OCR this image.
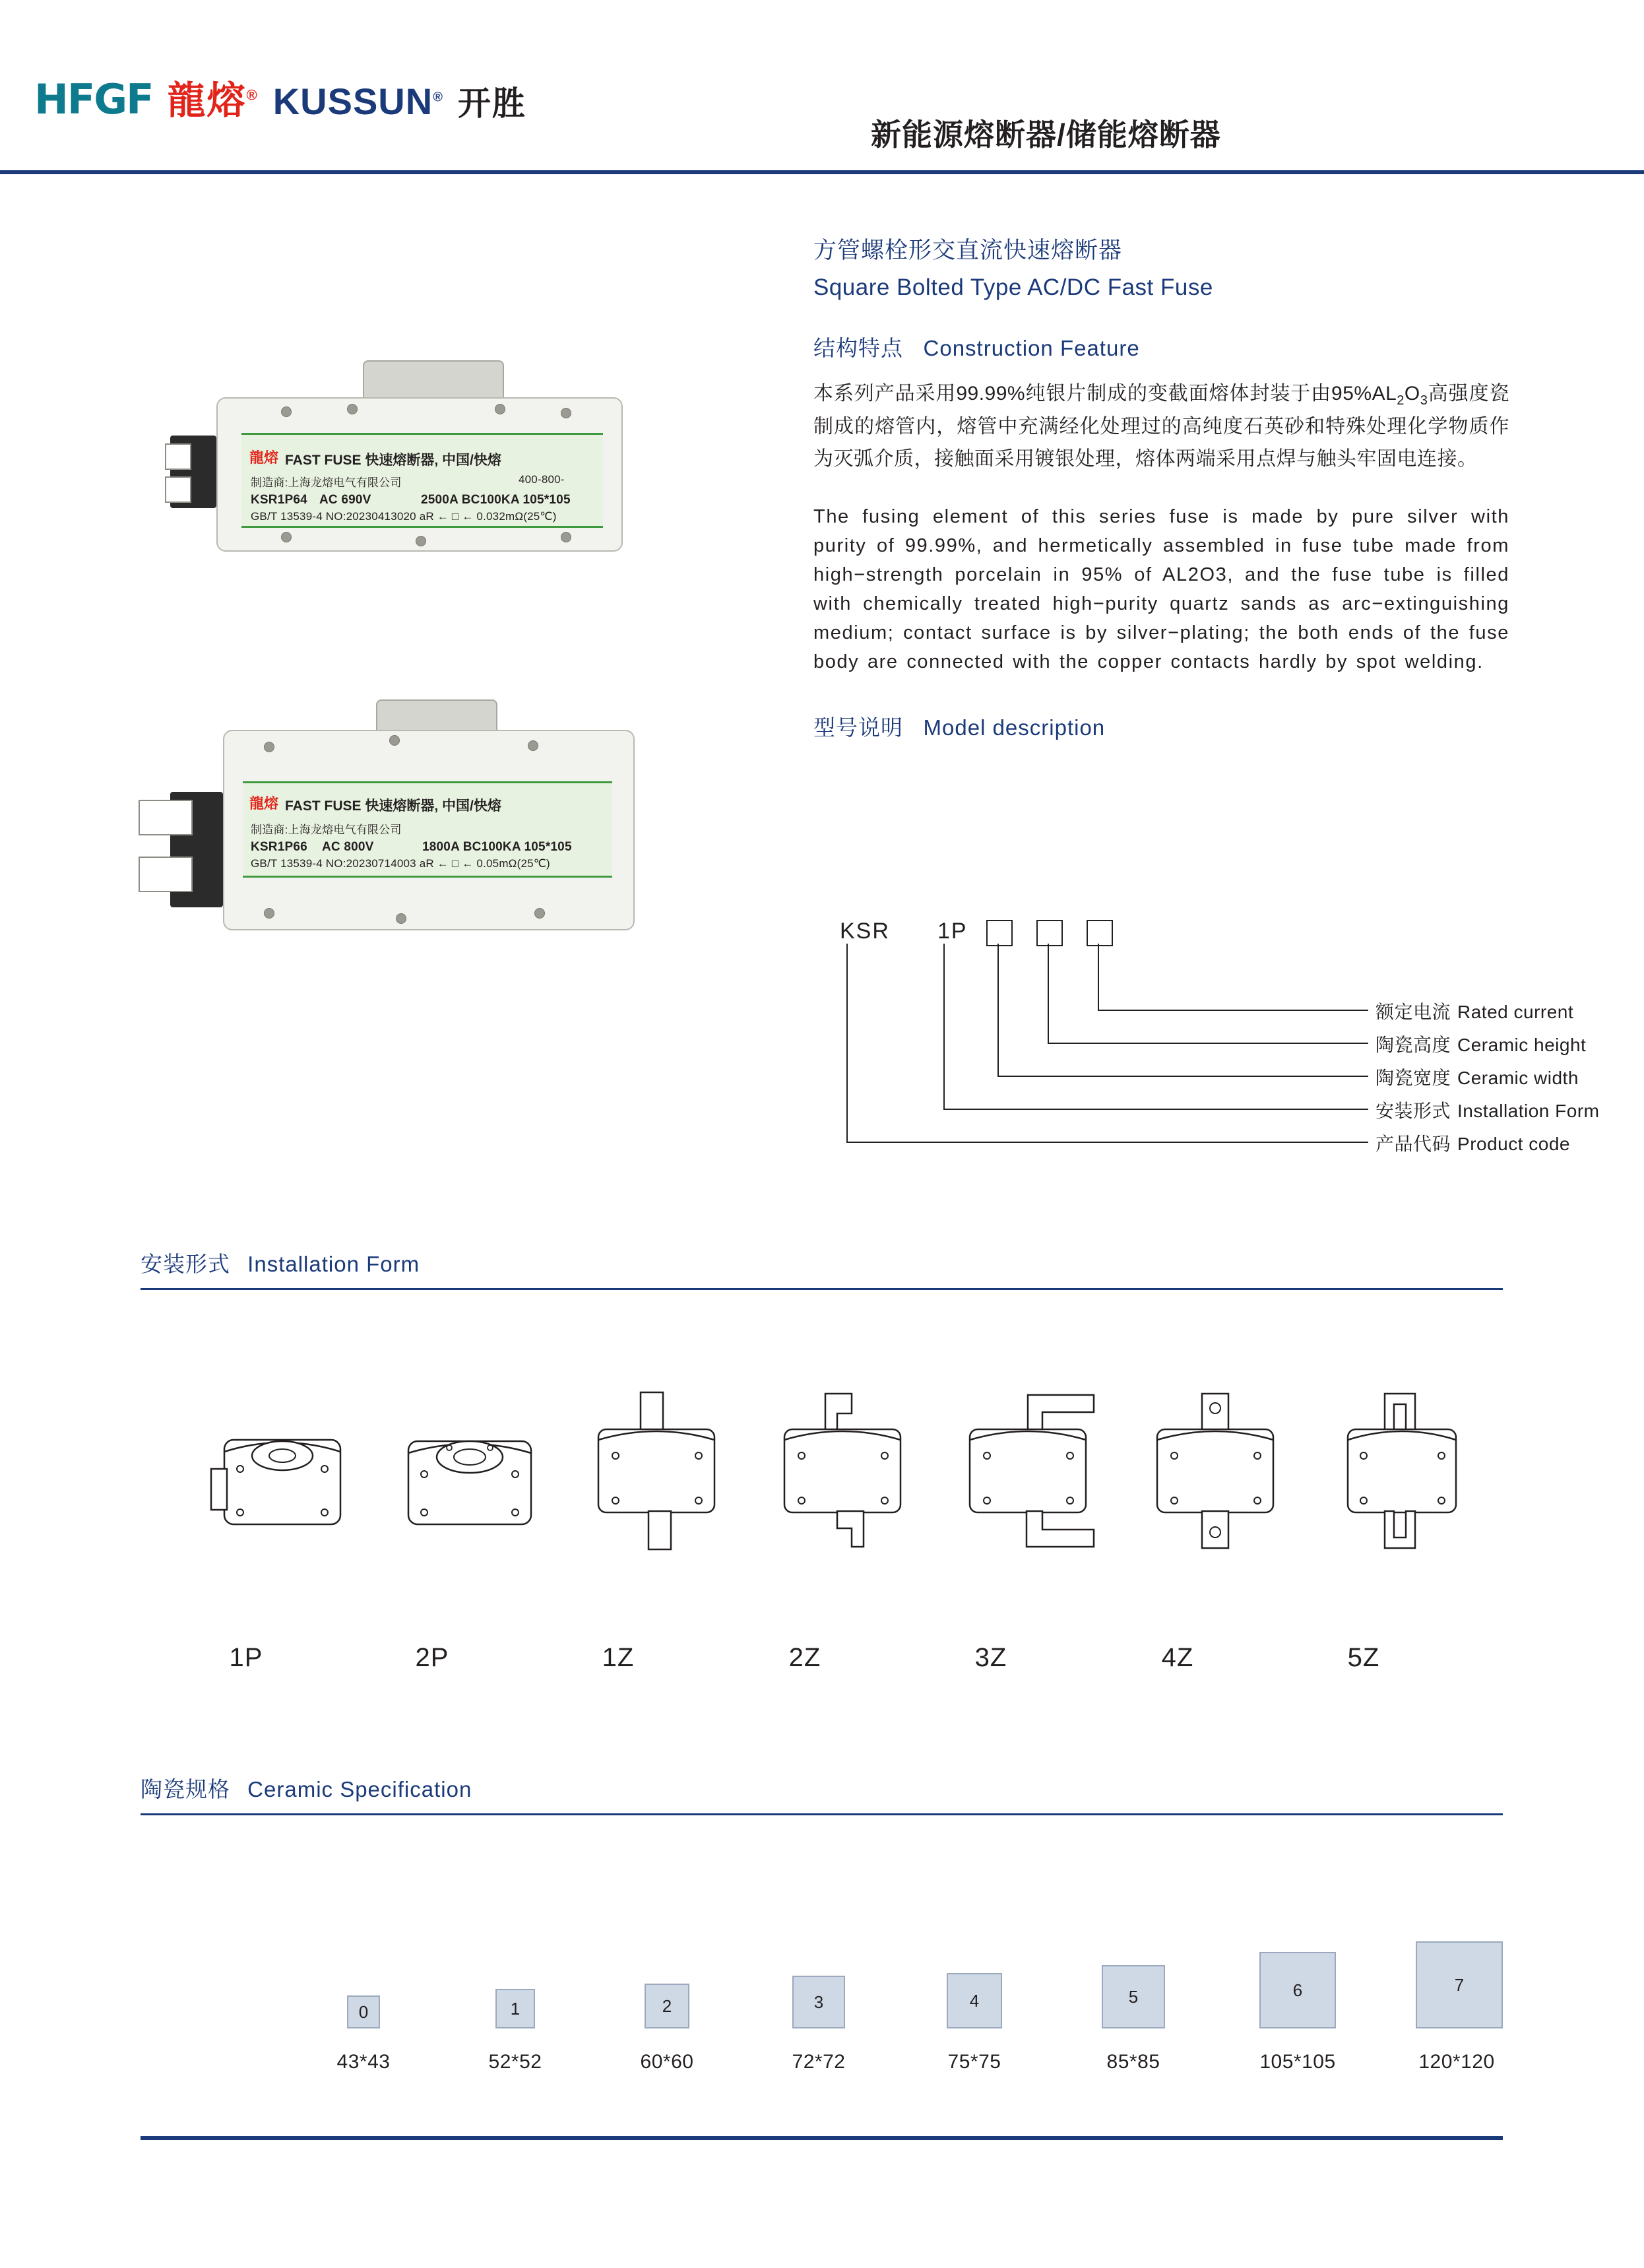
HFGF 龍熔® KUSSUN® 开胜
新能源熔断器/储能熔断器
龍熔 FAST FUSE 快速熔断器, 中国/快熔
制造商:上海龙熔电气有限公司	400-800-
KSR1P64 AC 690V	2500A BC100KA 105*105
GB/T 13539-4 NO:20230413020 aR ← □ ← 0.032mΩ(25℃)
龍熔 FAST FUSE 快速熔断器, 中国/快熔
制造商:上海龙熔电气有限公司
KSR1P66 AC 800V	1800A BC100KA 105*105
GB/T 13539-4 NO:20230714003 aR ← □ ← 0.05mΩ(25℃)
方管螺栓形交直流快速熔断器
Square Bolted Type AC/DC Fast Fuse
结构特点 Construction Feature
本系列产品采用99.99%纯银片制成的变截面熔体封装于由$95\%AL_2O_3$高强度瓷制成的熔管内，熔管中充满经化处理过的高纯度石英砂和特殊处理化学物质作为灭弧介质，接触面采用镀银处理，熔体两端采用点焊与触头牢固电连接。
The fusing element of this series fuse is made by pure silver with purity of 99.99%, and hermetically assembled in fuse tube made from high−strength porcelain in 95% of AL2O3, and the fuse tube is filled with chemically treated high−purity quartz sands as arc−extinguishing medium; contact surface is by silver−plating; the both ends of the fuse body are connected with the copper contacts hardly by spot welding.
型号说明 Model description
KSR 1P
额定电流 Rated current
陶瓷高度 Ceramic height
陶瓷宽度 Ceramic width
安装形式 Installation Form
产品代码 Product code
安装形式 Installation Form
1P	2P	1Z	2Z	3Z	4Z	5Z
陶瓷规格 Ceramic Specification
0	1	2	3	4	5	6	7
43*43	52*52	60*60	72*72	75*75	85*85	105*105	120*120
